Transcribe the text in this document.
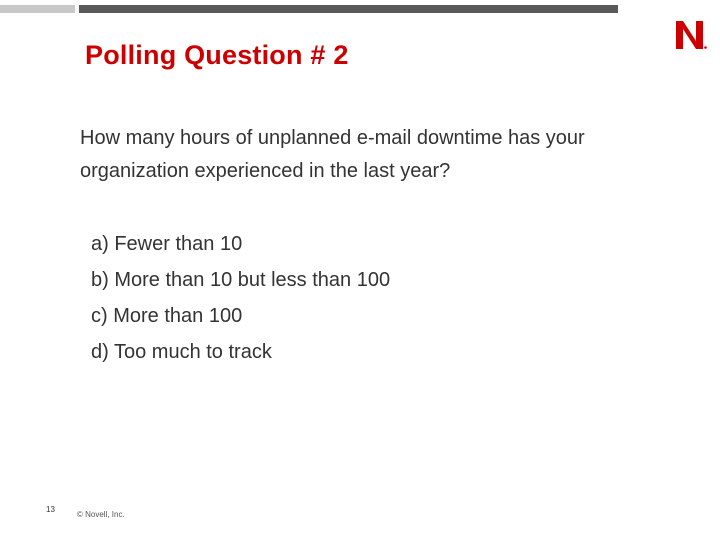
Polling Question # 2

How many hours of unplanned e-mail downtime has your organization experienced in the last year?

a) Fewer than 10
b) More than 10 but less than 100
c) More than 100
d) Too much to track
13
© Novell, Inc.
